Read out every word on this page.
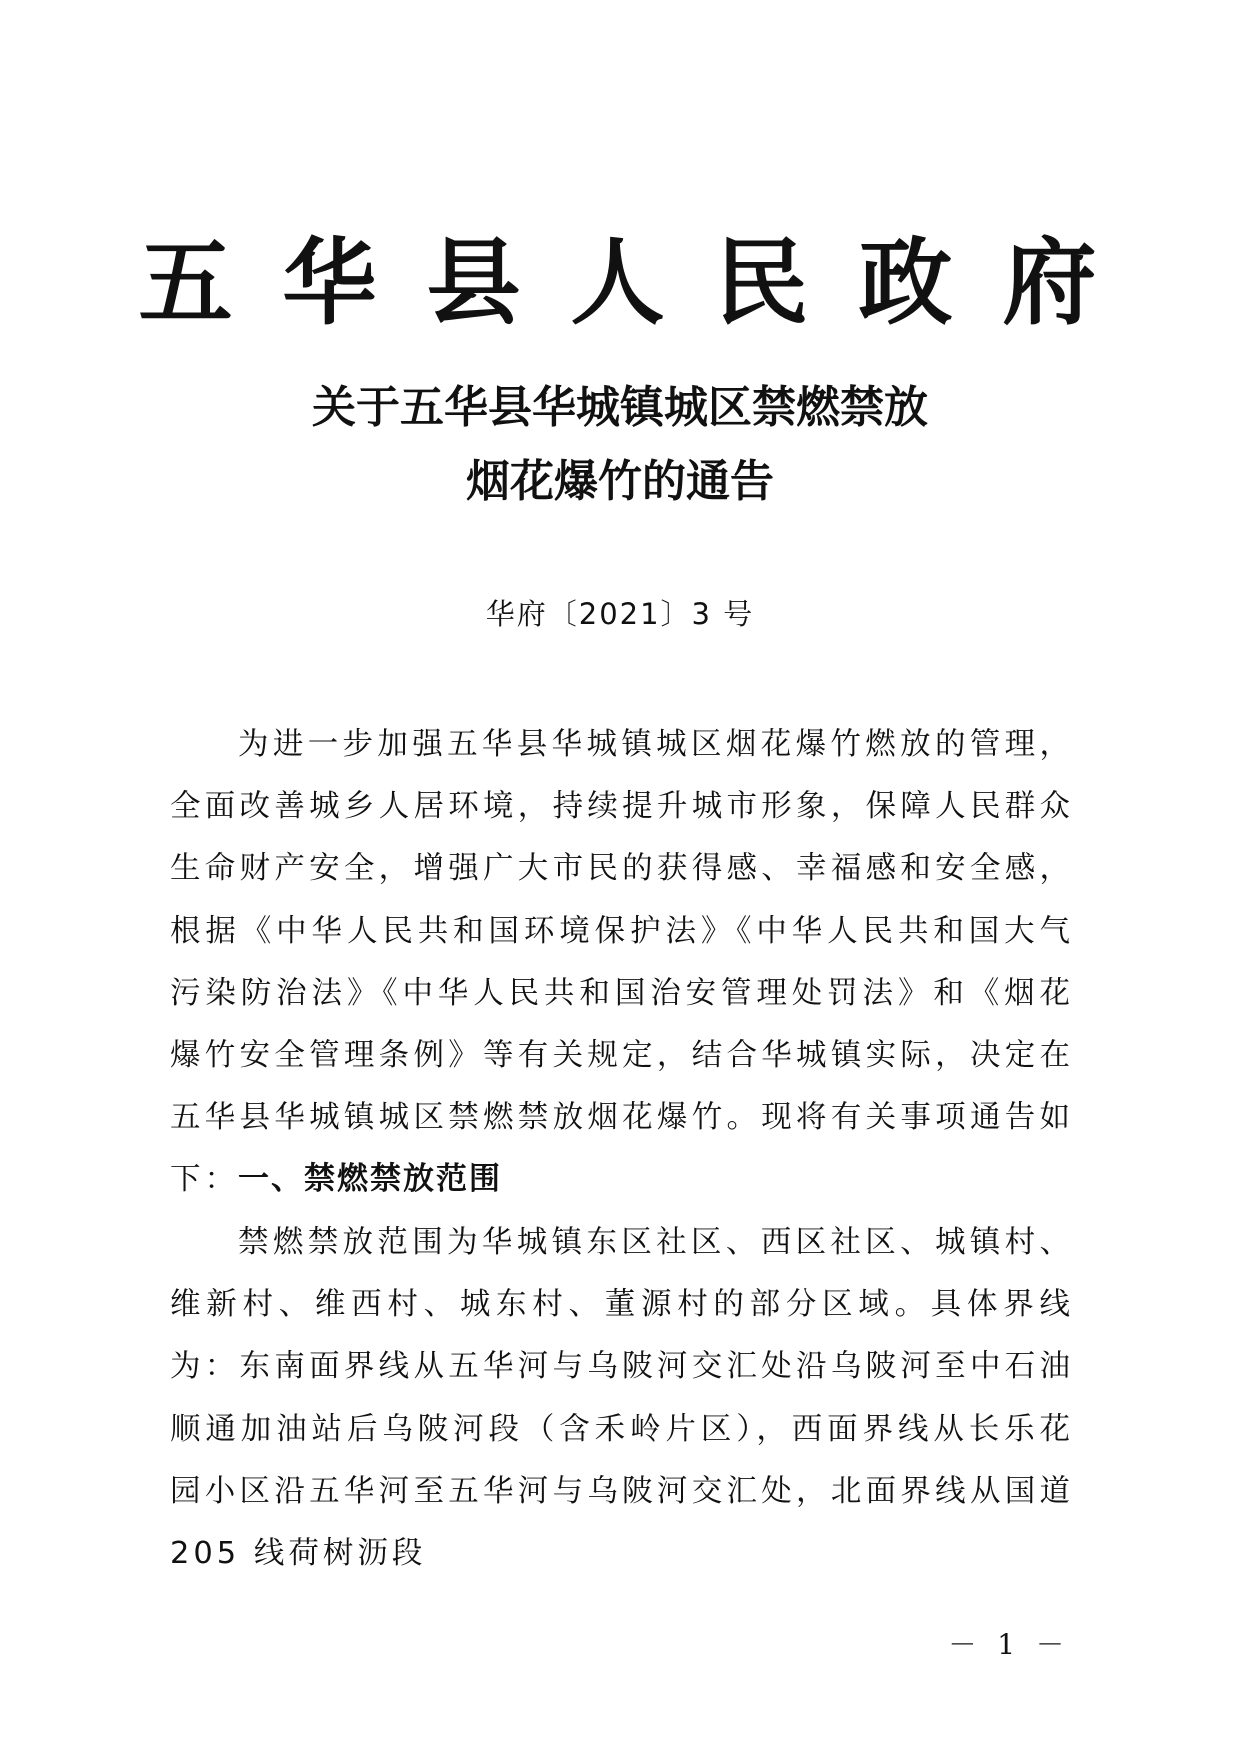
五华县人民政府
关于五华县华城镇城区禁燃禁放
烟花爆竹的通告
华府〔2021〕3 号

为进一步加强五华县华城镇城区烟花爆竹燃放的管理，全面改善城乡人居环境，持续提升城市形象，保障人民群众生命财产安全，增强广大市民的获得感、幸福感和安全感，根据《中华人民共和国环境保护法》《中华人民共和国大气污染防治法》《中华人民共和国治安管理处罚法》和《烟花爆竹安全管理条例》等有关规定，结合华城镇实际，决定在五华县华城镇城区禁燃禁放烟花爆竹。现将有关事项通告如下： 一、禁燃禁放范围

禁燃禁放范围为华城镇东区社区、西区社区、城镇村、维新村、维西村、城东村、董源村的部分区域。具体界线为：东南面界线从五华河与乌陂河交汇处沿乌陂河至中石油顺通加油站后乌陂河段（含禾岭片区），西面界线从长乐花园小区沿五华河至五华河与乌陂河交汇处，北面界线从国道 205 线荷树沥段

－ 1 －
